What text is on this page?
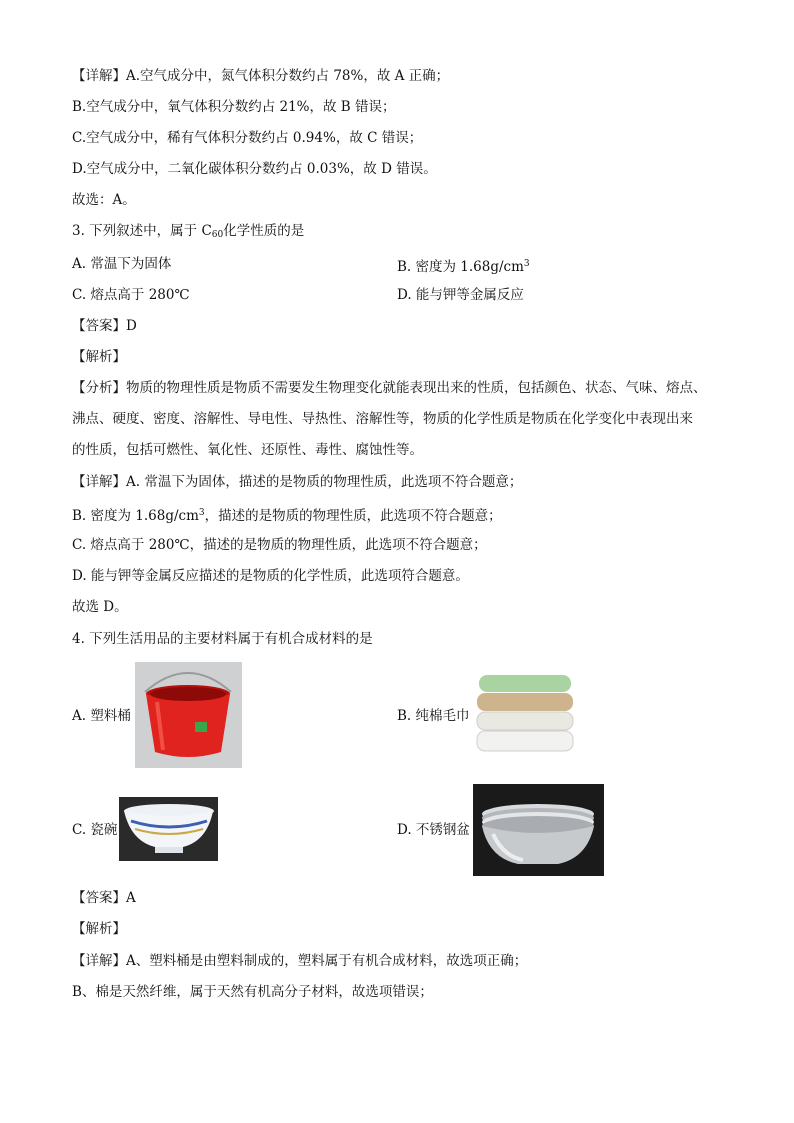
【详解】A.空气成分中，氮气体积分数约占 78%，故 A 正确；
B.空气成分中，氧气体积分数约占 21%，故 B 错误；
C.空气成分中，稀有气体积分数约占 0.94%，故 C 错误；
D.空气成分中，二氧化碳体积分数约占 0.03%，故 D 错误。
故选：A。
3. 下列叙述中，属于 $C_{60}$化学性质的是
A. 常温下为固体	B. 密度为 $1.68g/cm^3$
C. 熔点高于 280℃	D. 能与钾等金属反应
【答案】D
【解析】
【分析】物质的物理性质是物质不需要发生物理变化就能表现出来的性质，包括颜色、状态、气味、熔点、
沸点、硬度、密度、溶解性、导电性、导热性、溶解性等，物质的化学性质是物质在化学变化中表现出来
的性质，包括可燃性、氧化性、还原性、毒性、腐蚀性等。
【详解】A. 常温下为固体，描述的是物质的物理性质，此选项不符合题意；
B. 密度为 $1.68g/cm^3$，描述的是物质的物理性质，此选项不符合题意；
C. 熔点高于 280℃，描述的是物质的物理性质，此选项不符合题意；
D. 能与钾等金属反应描述的是物质的化学性质，此选项符合题意。
故选 D。
4. 下列生活用品的主要材料属于有机合成材料的是
A. 塑料桶	B. 纯棉毛巾
C. 瓷碗	D. 不锈钢盆
【答案】A
【解析】
【详解】A、塑料桶是由塑料制成的，塑料属于有机合成材料，故选项正确；
B、棉是天然纤维，属于天然有机高分子材料，故选项错误；
